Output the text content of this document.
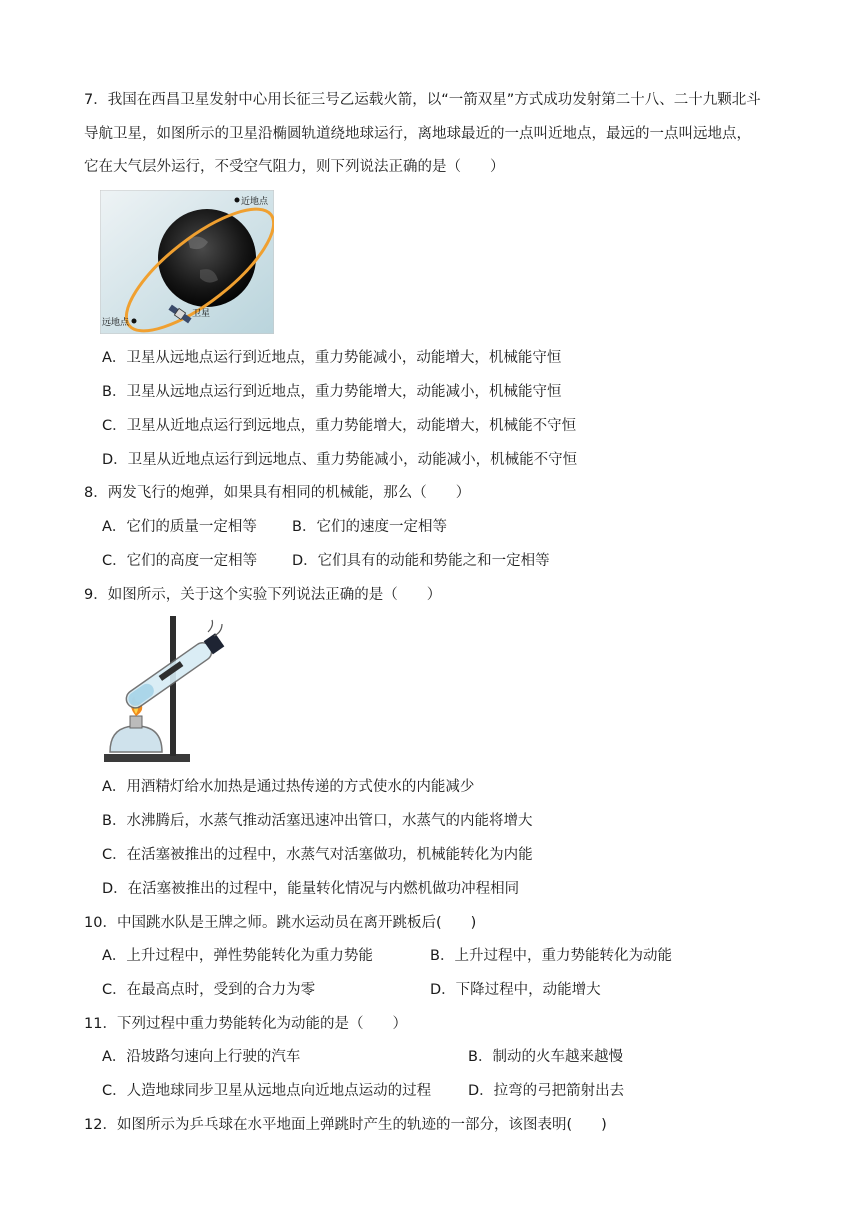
7．我国在西昌卫星发射中心用长征三号乙运载火箭，以“一箭双星”方式成功发射第二十八、二十九颗北斗
导航卫星，如图所示的卫星沿椭圆轨道绕地球运行，离地球最近的一点叫近地点，最远的一点叫远地点，
它在大气层外运行，不受空气阻力，则下列说法正确的是（　　）
近地点
远地点
卫星
A．卫星从远地点运行到近地点，重力势能减小，动能增大，机械能守恒
B．卫星从远地点运行到近地点，重力势能增大，动能减小，机械能守恒
C．卫星从近地点运行到远地点，重力势能增大，动能增大，机械能不守恒
D．卫星从近地点运行到远地点、重力势能减小，动能减小，机械能不守恒
8．两发飞行的炮弹，如果具有相同的机械能，那么（　　）
A．它们的质量一定相等 B．它们的速度一定相等
C．它们的高度一定相等 D．它们具有的动能和势能之和一定相等
9．如图所示，关于这个实验下列说法正确的是（　　）
A．用酒精灯给水加热是通过热传递的方式使水的内能减少
B．水沸腾后，水蒸气推动活塞迅速冲出管口，水蒸气的内能将增大
C．在活塞被推出的过程中，水蒸气对活塞做功，机械能转化为内能
D．在活塞被推出的过程中，能量转化情况与内燃机做功冲程相同
10．中国跳水队是王牌之师。跳水运动员在离开跳板后(　　)
A．上升过程中，弹性势能转化为重力势能	B．上升过程中，重力势能转化为动能
C．在最高点时，受到的合力为零	D．下降过程中，动能增大
11．下列过程中重力势能转化为动能的是（　　）
A．沿坡路匀速向上行驶的汽车	B．制动的火车越来越慢
C．人造地球同步卫星从远地点向近地点运动的过程	D．拉弯的弓把箭射出去
12．如图所示为乒乓球在水平地面上弹跳时产生的轨迹的一部分，该图表明(　　)
